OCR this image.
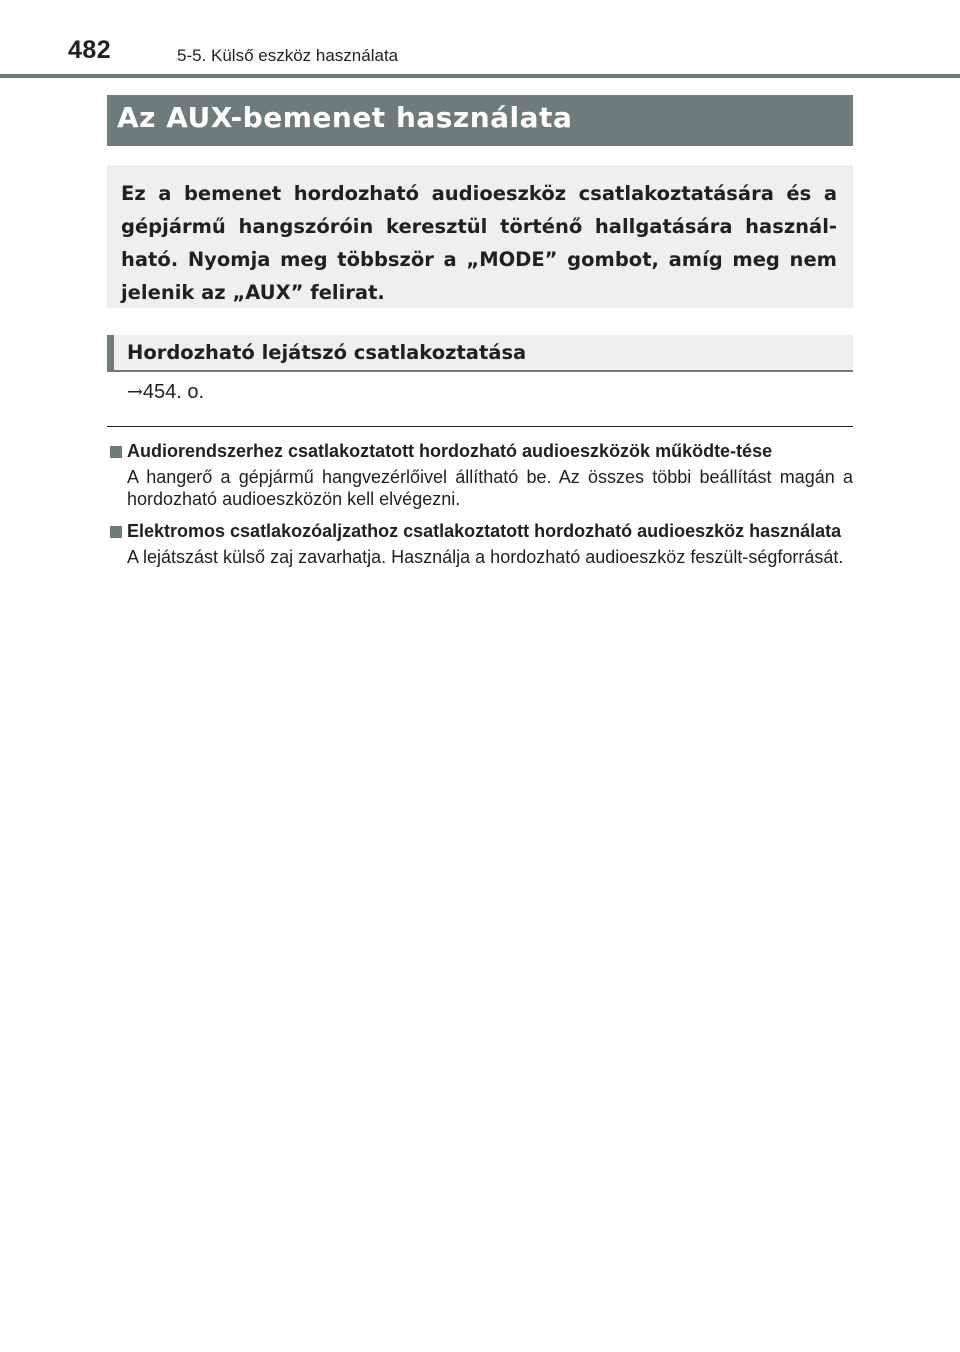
482	5-5. Külső eszköz használata
Az AUX-bemenet használata
Ez a bemenet hordozható audioeszköz csatlakoztatására és a gépjármű hangszóróin keresztül történő hallgatására használ-ható. Nyomja meg többször a „MODE” gombot, amíg meg nem jelenik az „AUX” felirat.
Hordozható lejátszó csatlakoztatása
→454. o.
Audiorendszerhez csatlakoztatott hordozható audioeszközök működte-tése
A hangerő a gépjármű hangvezérlőivel állítható be. Az összes többi beállítást magán a hordozható audioeszközön kell elvégezni.
Elektromos csatlakozóaljzathoz csatlakoztatott hordozható audioeszköz használata
A lejátszást külső zaj zavarhatja. Használja a hordozható audioeszköz feszült-ségforrását.
